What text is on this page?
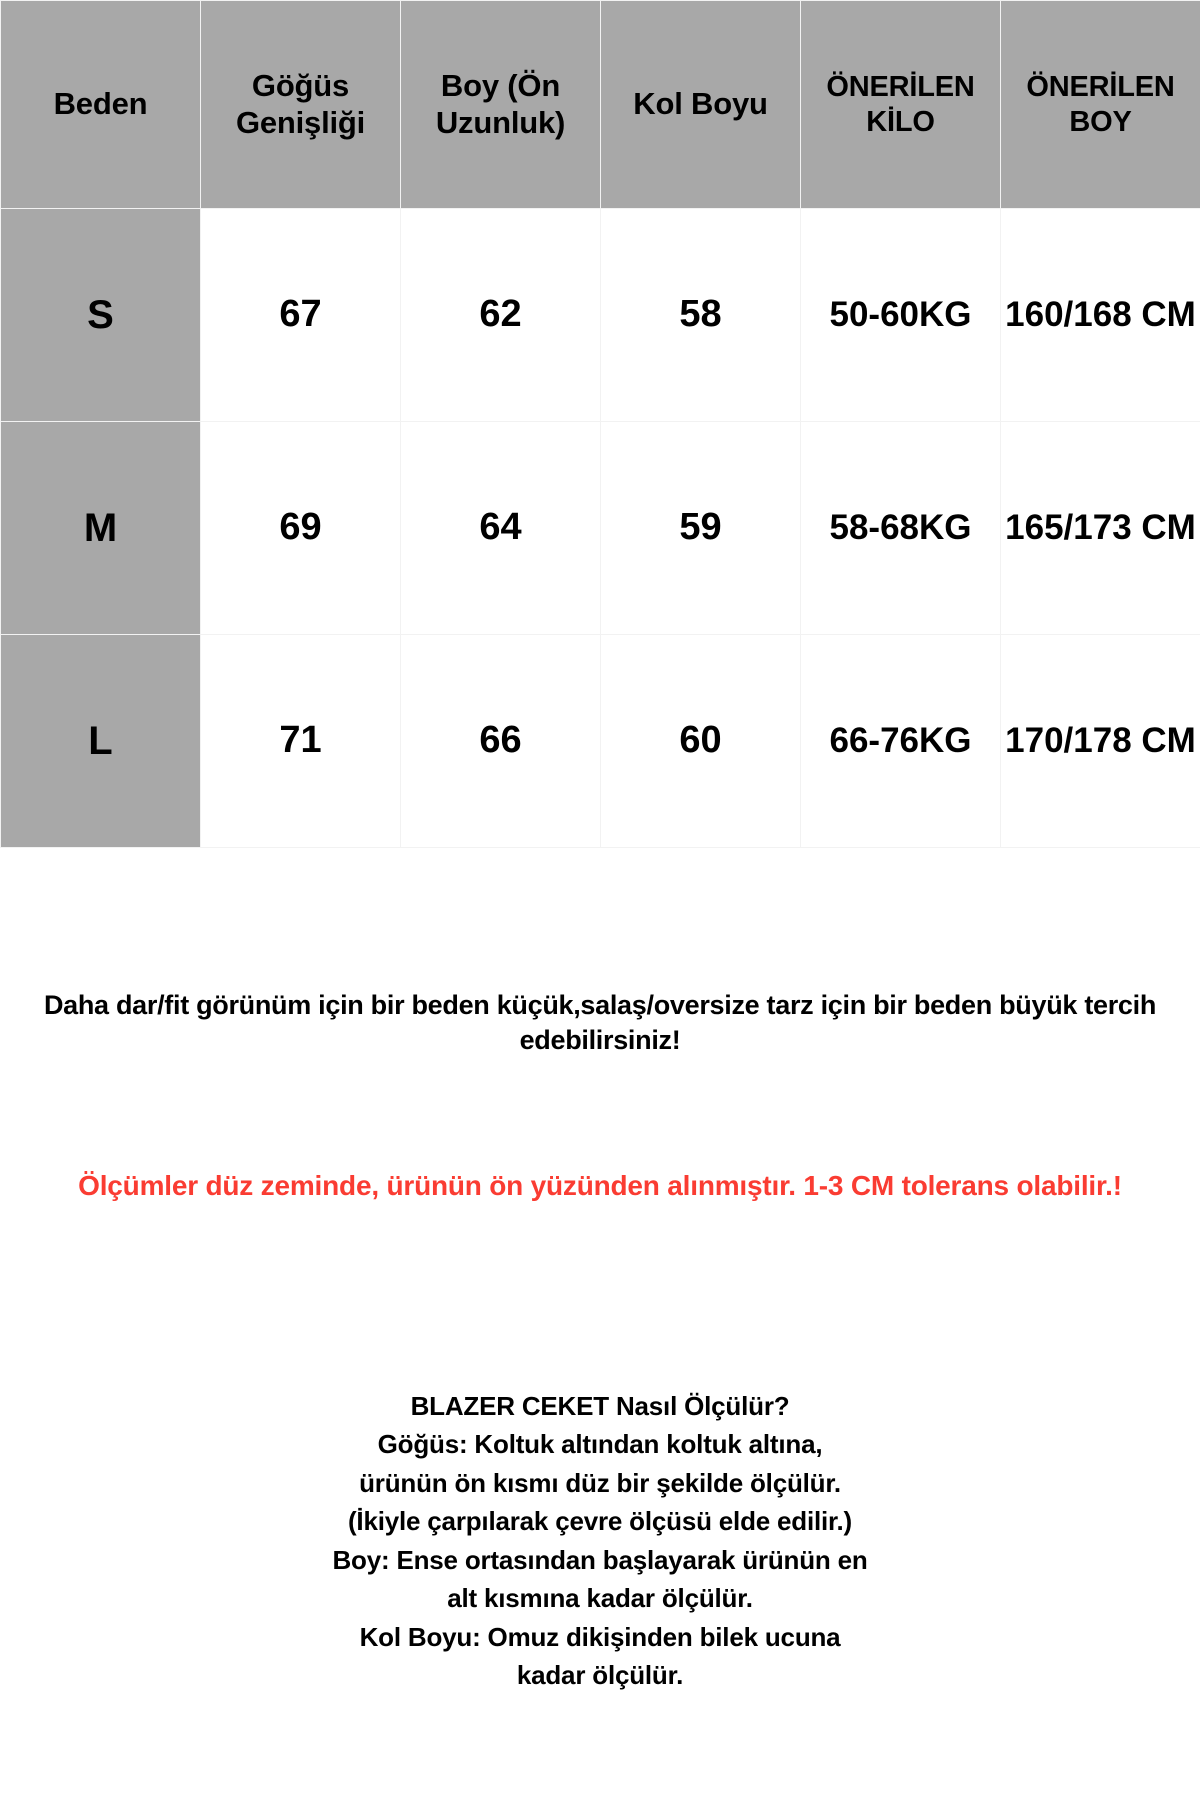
Beden	Göğüs Genişliği	Boy (Ön Uzunluk)	Kol Boyu	ÖNERİLEN KİLO	ÖNERİLEN BOY
S	67	62	58	50-60KG	160/168 CM
M	69	64	59	58-68KG	165/173 CM
L	71	66	60	66-76KG	170/178 CM
Daha dar/fit görünüm için bir beden küçük,salaş/oversize tarz için bir beden büyük tercih edebilirsiniz!
Ölçümler düz zeminde, ürünün ön yüzünden alınmıştır. 1-3 CM tolerans olabilir.!
BLAZER CEKET Nasıl Ölçülür?
Göğüs: Koltuk altından koltuk altına,
ürünün ön kısmı düz bir şekilde ölçülür.
(İkiyle çarpılarak çevre ölçüsü elde edilir.)
Boy: Ense ortasından başlayarak ürünün en
alt kısmına kadar ölçülür.
Kol Boyu: Omuz dikişinden bilek ucuna
kadar ölçülür.
